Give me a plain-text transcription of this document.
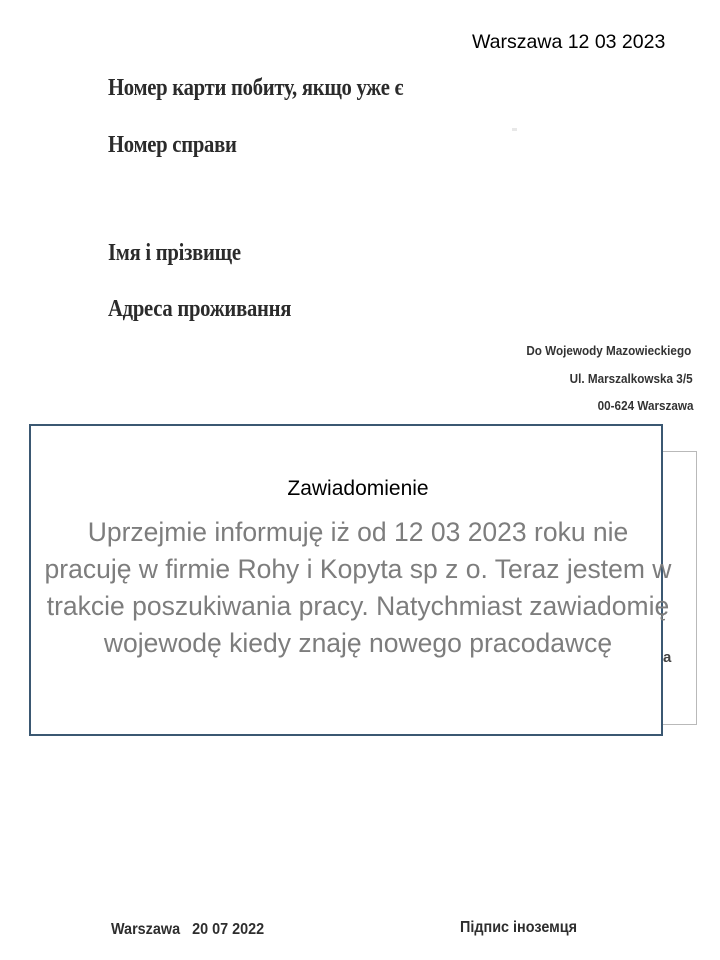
Warszawa 12 03 2023
Номер карти побиту, якщо уже є
Номер справи
Імя і прізвище
Адреса проживання
Do Wojewody Mazowieckiego
Ul. Marszalkowska 3/5
00-624 Warszawa
a
Zawiadomienie
Uprzejmie informuję iż od 12 03 2023 roku nie
pracuję w firmie Rohy i Kopyta sp z o. Teraz jestem w
trakcie poszukiwania pracy. Natychmiast zawiadomię
wojewodę kiedy znaję nowego pracodawcę
Warszawa   20 07 2022	Підпис іноземця
